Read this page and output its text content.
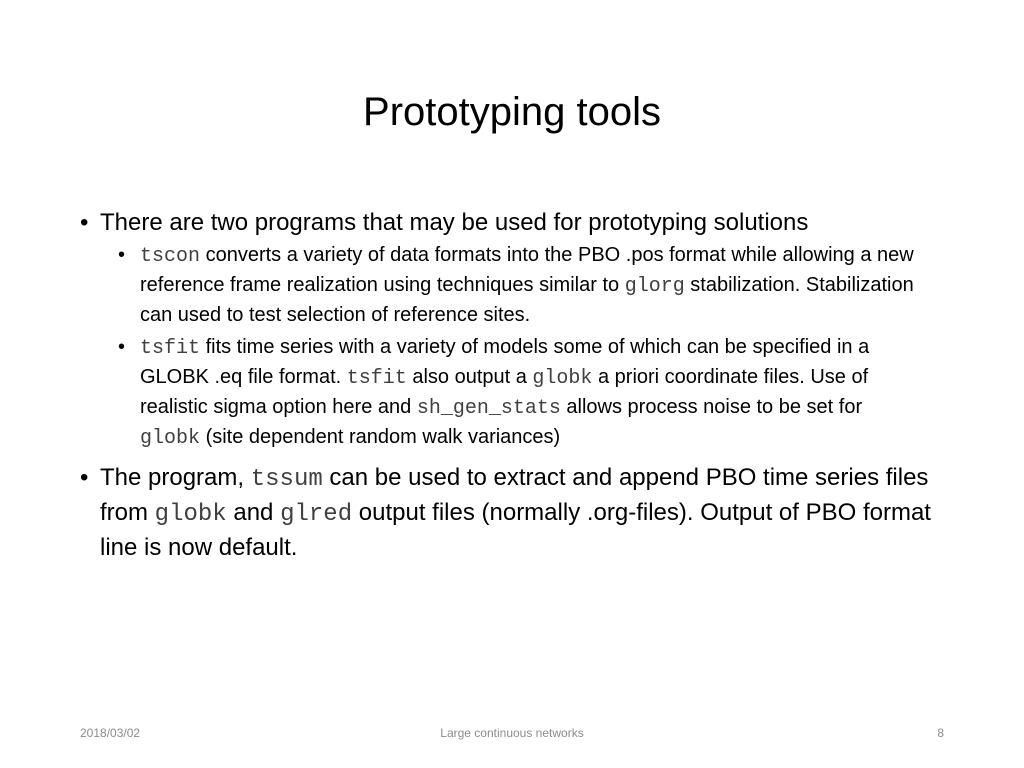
Prototyping tools
• There are two programs that may be used for prototyping solutions
• tscon converts a variety of data formats into the PBO .pos format while allowing a new reference frame realization using techniques similar to glorg stabilization. Stabilization can used to test selection of reference sites.
• tsfit fits time series with a variety of models some of which can be specified in a GLOBK .eq file format. tsfit also output a globk a priori coordinate files. Use of realistic sigma option here and sh_gen_stats allows process noise to be set for globk (site dependent random walk variances)
• The program, tssum can be used to extract and append PBO time series files from globk and glred output files (normally .org-files). Output of PBO format line is now default.
2018/03/02	Large continuous networks	8
